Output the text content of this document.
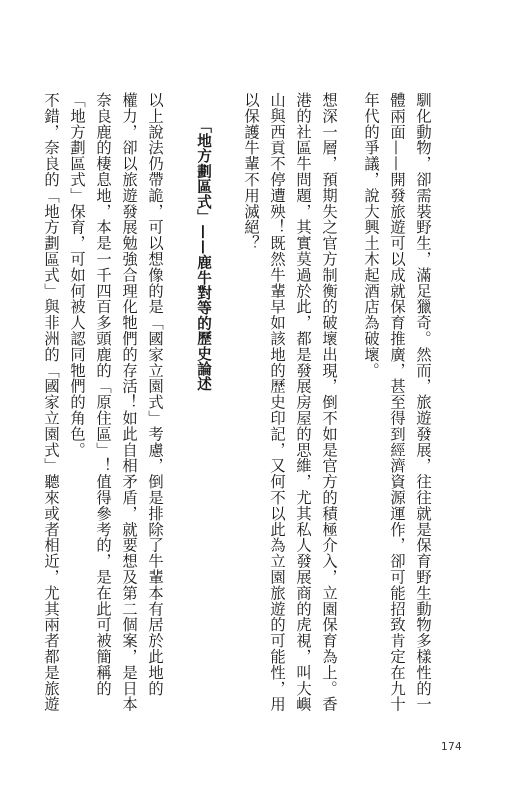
馴化動物，卻需裝野生，滿足獵奇。然而，旅遊發展，往往就是保育野生動物多樣性的一
體兩面——開發旅遊可以成就保育推廣，甚至得到經濟資源運作，卻可能招致肯定在九十
年代的爭議，說大興土木起酒店為破壞。
想深一層，預期失之官方制衡的破壞出現，倒不如是官方的積極介入，立園保育為上。香
港的社區牛問題，其實莫過於此，都是發展房屋的思維，尤其私人發展商的虎視，叫大嶼
山與西貢不停遭殃！既然牛輩早如該地的歷史印記，又何不以此為立園旅遊的可能性，用
以保護牛輩不用滅絕？
「地方劃區式」——鹿牛對等的歷史論述
以上說法仍帶詭，可以想像的是「國家立園式」考慮，倒是排除了牛輩本有居於此地的
權力，卻以旅遊發展勉強合理化牠們的存活！如此自相矛盾，就要想及第二個案，是日本
奈良鹿的棲息地，本是一千四百多頭鹿的「原住區」！值得參考的，是在此可被簡稱的
「地方劃區式」保育，可如何被人認同牠們的角色。
不錯，奈良的「地方劃區式」與非洲的「國家立園式」聽來或者相近，尤其兩者都是旅遊
174
